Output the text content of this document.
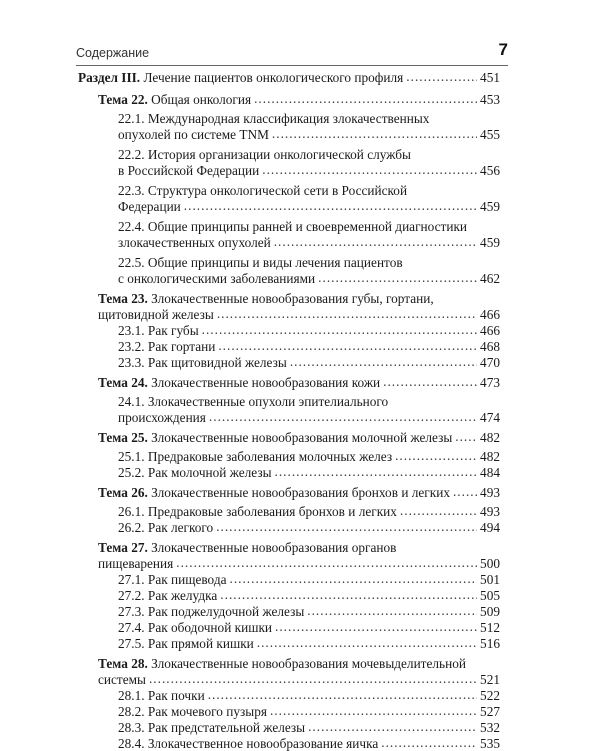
Содержание	7
Раздел III. Лечение пациентов онкологического профиля .....	451
Тема 22. Общая онкология .....	453
22.1. Международная классификация злокачественных
опухолей по системе TNM .....	455
22.2. История организации онкологической службы
в Российской Федерации .....	456
22.3. Структура онкологической сети в Российской
Федерации .....	459
22.4. Общие принципы ранней и своевременной диагностики
злокачественных опухолей .....	459
22.5. Общие принципы и виды лечения пациентов
с онкологическими заболеваниями .....	462
Тема 23. Злокачественные новообразования губы, гортани,
щитовидной железы .....	466
23.1. Рак губы .....	466
23.2. Рак гортани .....	468
23.3. Рак щитовидной железы .....	470
Тема 24. Злокачественные новообразования кожи .....	473
24.1. Злокачественные опухоли эпителиального
происхождения .....	474
Тема 25. Злокачественные новообразования молочной железы ..... 482
25.1. Предраковые заболевания молочных желез .....	482
25.2. Рак молочной железы .....	484
Тема 26. Злокачественные новообразования бронхов и легких ..... 493
26.1. Предраковые заболевания бронхов и легких .....	493
26.2. Рак легкого .....	494
Тема 27. Злокачественные новообразования органов
пищеварения .....	500
27.1. Рак пищевода .....	501
27.2. Рак желудка .....	505
27.3. Рак поджелудочной железы .....	509
27.4. Рак ободочной кишки .....	512
27.5. Рак прямой кишки .....	516
Тема 28. Злокачественные новообразования мочевыделительной
системы .....	521
28.1. Рак почки .....	522
28.2. Рак мочевого пузыря .....	527
28.3. Рак предстательной железы .....	532
28.4. Злокачественное новообразование яичка .....	535
